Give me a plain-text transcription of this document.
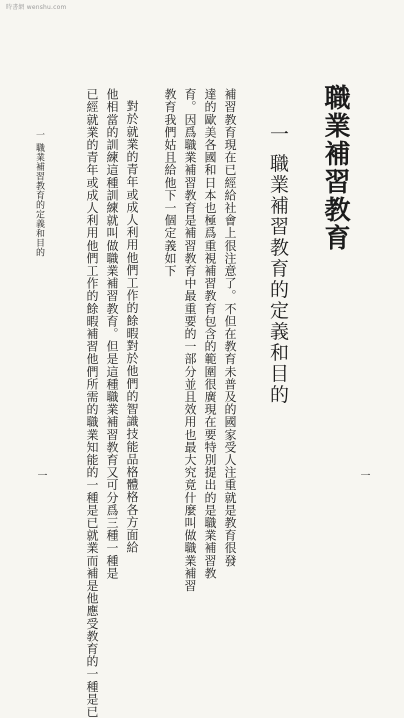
時書網 wenshu.com
職業補習教育
一 職業補習教育的定義和目的
補習教育現在已經給社會上很注意了。不但在教育未普及的國家受人注重就是教育很發
達的歐美各國和日本也極爲重視補習教育包含的範圍很廣現在要特別提出的是職業補習教
育。因爲職業補習教育是補習教育中最重要的一部分並且效用也最大究竟什麼叫做職業補習
教育我們姑且給他下一個定義如下
對於就業的青年或成人利用他們工作的餘暇對於他們的智識技能品格體格各方面給
他相當的訓練這種訓練就叫做職業補習教育。但是這種職業補習教育又可分爲三種一種是
已經就業的青年或成人利用他們工作的餘暇補習他們所需的職業知能的一種是已就業而補是他應受教育的一種是已
一 職業補習教育的定義和目的
一
一
